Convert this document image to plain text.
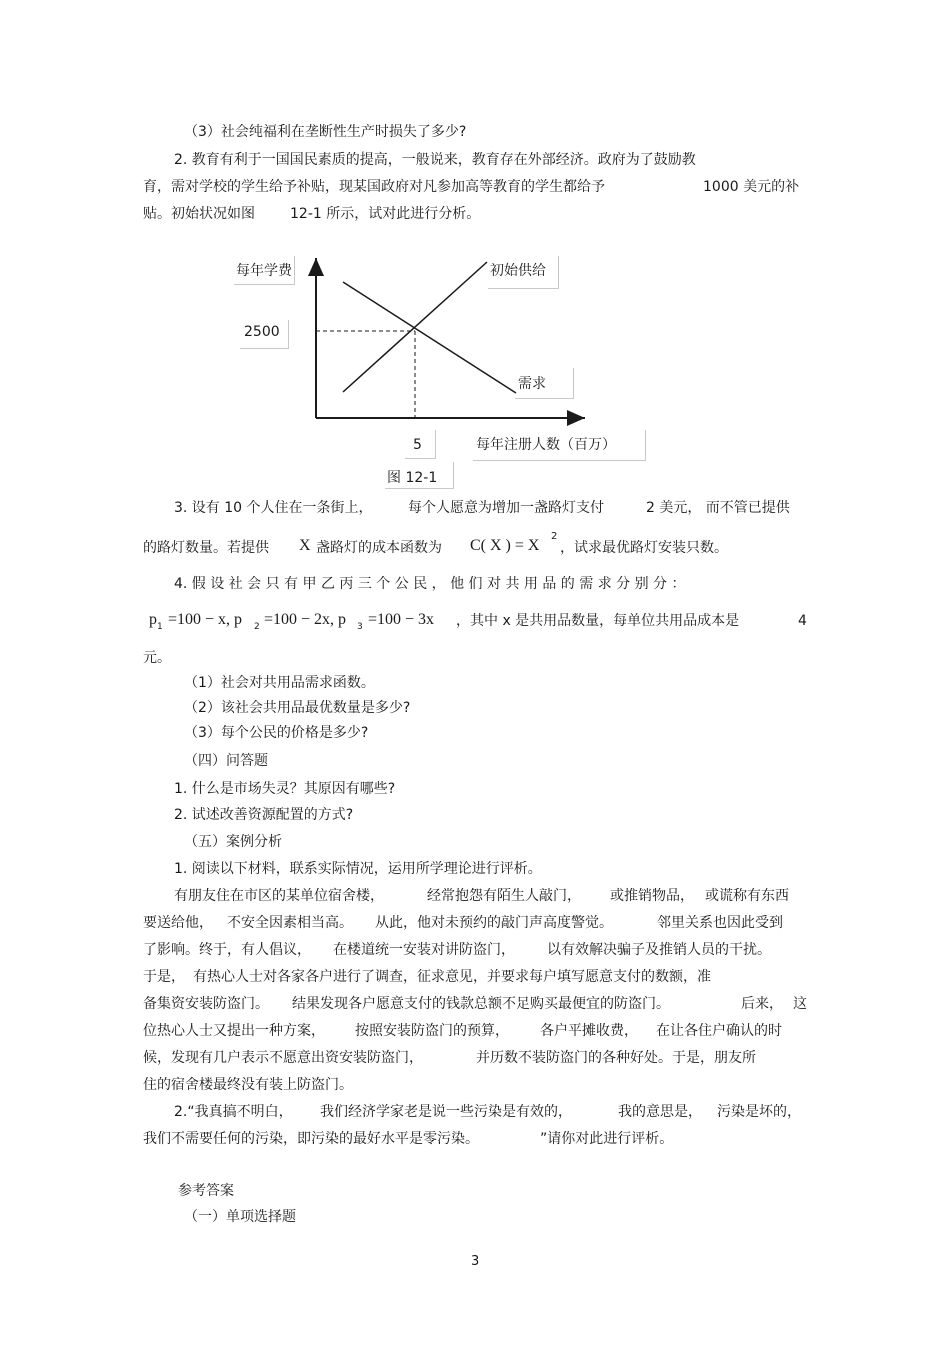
（3）社会纯福利在垄断性生产时损失了多少?
2. 教育有利于一国国民素质的提高，一般说来，教育存在外部经济。政府为了鼓励教
育，需对学校的学生给予补贴，现某国政府对凡参加高等教育的学生都给予	1000 美元的补
贴。初始状况如图	12-1 所示，试对此进行分析。
每年学费
2500
初始供给
需求
5	每年注册人数（百万）
图 12-1
3. 设有 10 个人住在一条街上，	每个人愿意为增加一盏路灯支付	2 美元， 而不管已提供
的路灯数量。若提供 X 盏路灯的成本函数为 C( X ) = X
2
，试求最优路灯安装只数。
4. 假 设 社 会 只 有 甲 乙 丙 三 个 公 民 ， 他 们 对 共 用 品 的 需 求 分 别 分 ：
p 1 =100 − x, p 2 =100 − 2x, p 3 =100 − 3x ，其中 x 是共用品数量，每单位共用品成本是	4
元。
（1）社会对共用品需求函数。
（2）该社会共用品最优数量是多少?
（3）每个公民的价格是多少?
（四）问答题
1. 什么是市场失灵？其原因有哪些?
2. 试述改善资源配置的方式?
（五）案例分析
1. 阅读以下材料，联系实际情况，运用所学理论进行评析。
有朋友住在市区的某单位宿舍楼，	经常抱怨有陌生人敲门， 或推销物品， 或谎称有东西
要送给他， 不安全因素相当高。 从此，他对未预约的敲门声高度警觉。	邻里关系也因此受到
了影响。终于，有人倡议， 在楼道统一安装对讲防盗门， 以有效解决骗子及推销人员的干扰。
于是， 有热心人士对各家各户进行了调查，征求意见，并要求每户填写愿意支付的数额，准
备集资安装防盗门。 结果发现各户愿意支付的钱款总额不足购买最便宜的防盗门。	后来， 这
位热心人士又提出一种方案， 按照安装防盗门的预算， 各户平摊收费， 在让各住户确认的时
候，发现有几户表示不愿意出资安装防盗门，	并历数不装防盗门的各种好处。于是，朋友所
住的宿舍楼最终没有装上防盗门。
2.“我真搞不明白， 我们经济学家老是说一些污染是有效的，	我的意思是， 污染是坏的，
我们不需要任何的污染，即污染的最好水平是零污染。	”请你对此进行评析。
参考答案
（一）单项选择题
3
